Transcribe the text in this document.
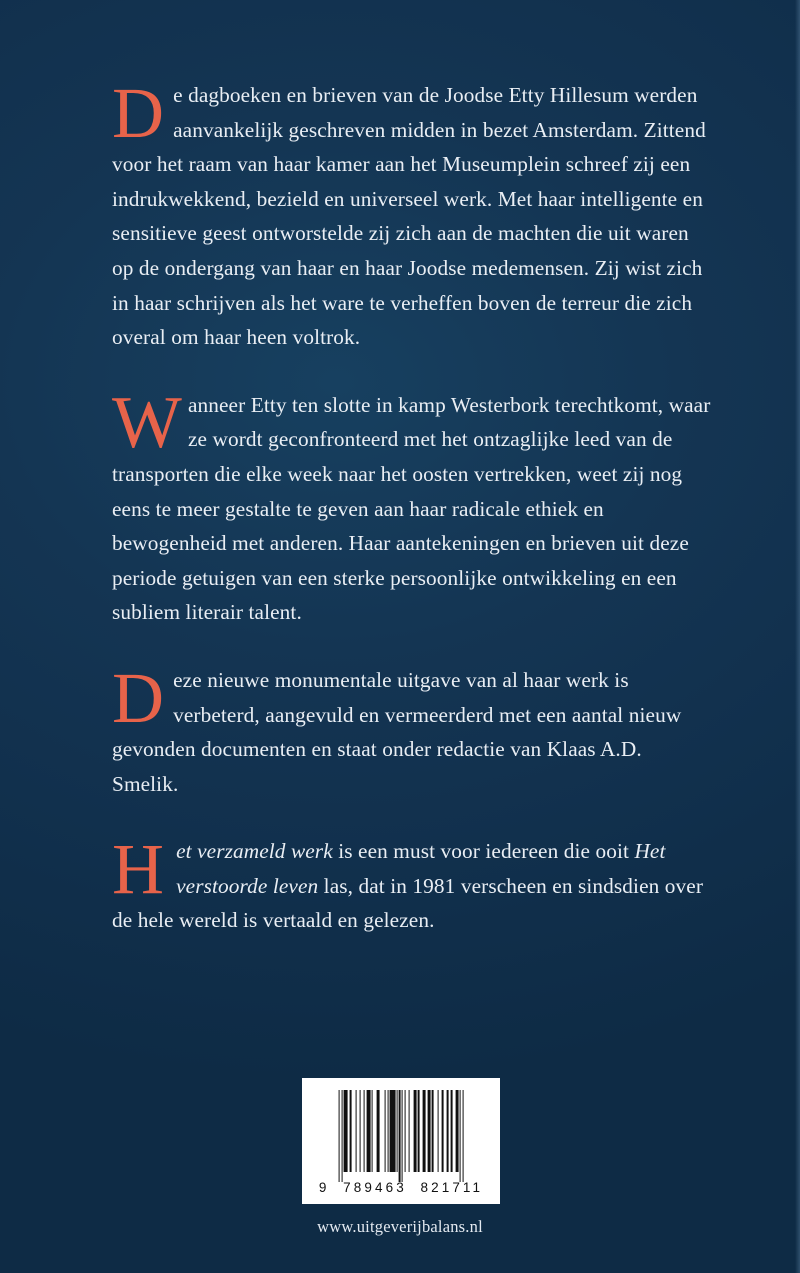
De dagboeken en brieven van de Joodse Etty Hillesum werden aanvankelijk geschreven midden in bezet Amsterdam. Zittend voor het raam van haar kamer aan het Museumplein schreef zij een indrukwekkend, bezield en universeel werk. Met haar intelligente en sensitieve geest ontworstelde zij zich aan de machten die uit waren op de ondergang van haar en haar Joodse medemensen. Zij wist zich in haar schrijven als het ware te verheffen boven de terreur die zich overal om haar heen voltrok.

Wanneer Etty ten slotte in kamp Westerbork terechtkomt, waar ze wordt geconfronteerd met het ontzaglijke leed van de transporten die elke week naar het oosten vertrekken, weet zij nog eens te meer gestalte te geven aan haar radicale ethiek en bewogenheid met anderen. Haar aantekeningen en brieven uit deze periode getuigen van een sterke persoonlijke ontwikkeling en een subliem literair talent.

Deze nieuwe monumentale uitgave van al haar werk is verbeterd, aangevuld en vermeerderd met een aantal nieuw gevonden documenten en staat onder redactie van Klaas A.D. Smelik.

Het verzameld werk is een must voor iedereen die ooit Het verstoorde leven las, dat in 1981 verscheen en sindsdien over de hele wereld is vertaald en gelezen.

9  789463  821711
www.uitgeverijbalans.nl
